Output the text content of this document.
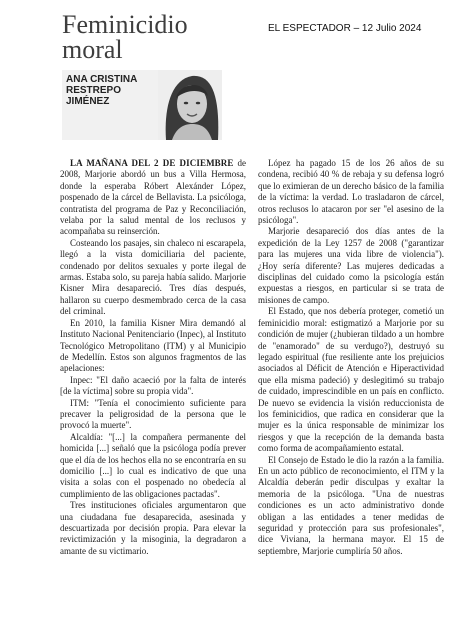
Feminicidio
moral
EL ESPECTADOR – 12 Julio 2024
ANA CRISTINA
RESTREPO
JIMÉNEZ

LA MAÑANA DEL 2 DE DICIEMBRE de 2008, Marjorie abordó un bus a Villa Hermosa, donde la esperaba Róbert Alexánder López, pospenado de la cárcel de Bellavista. La psicóloga, contratista del programa de Paz y Reconciliación, velaba por la salud mental de los reclusos y acompañaba su reinserción.

Costeando los pasajes, sin chaleco ni escarapela, llegó a la vista domiciliaria del paciente, condenado por delitos sexuales y porte ilegal de armas. Estaba solo, su pareja había salido. Marjorie Kisner Mira desapareció. Tres días después, hallaron su cuerpo desmembrado cerca de la casa del criminal.

En 2010, la familia Kisner Mira demandó al Instituto Nacional Penitenciario (Inpec), al Instituto Tecnológico Metropolitano (ITM) y al Municipio de Medellín. Estos son algunos fragmentos de las apelaciones:

Inpec: "El daño acaeció por la falta de interés [de la víctima] sobre su propia vida".

ITM: "Tenía el conocimiento suficiente para precaver la peligrosidad de la persona que le provocó la muerte".

Alcaldía: "[...] la compañera permanente del homicida [...] señaló que la psicóloga podía prever que el día de los hechos ella no se encontraría en su domicilio [...] lo cual es indicativo de que una visita a solas con el pospenado no obedecía al cumplimiento de las obligaciones pactadas".

Tres instituciones oficiales argumentaron que una ciudadana fue desaparecida, asesinada y descuartizada por decisión propia. Para elevar la revictimización y la misoginia, la degradaron a amante de su victimario.

López ha pagado 15 de los 26 años de su condena, recibió 40 % de rebaja y su defensa logró que lo eximieran de un derecho básico de la familia de la víctima: la verdad. Lo trasladaron de cárcel, otros reclusos lo atacaron por ser "el asesino de la psicóloga".

Marjorie desapareció dos días antes de la expedición de la Ley 1257 de 2008 ("garantizar para las mujeres una vida libre de violencia"). ¿Hoy sería diferente? Las mujeres dedicadas a disciplinas del cuidado como la psicología están expuestas a riesgos, en particular si se trata de misiones de campo.

El Estado, que nos debería proteger, cometió un feminicidio moral: estigmatizó a Marjorie por su condición de mujer (¿hubieran tildado a un hombre de "enamorado" de su verdugo?), destruyó su legado espiritual (fue resiliente ante los prejuicios asociados al Déficit de Atención e Hiperactividad que ella misma padeció) y deslegitimó su trabajo de cuidado, imprescindible en un país en conflicto. De nuevo se evidencia la visión reduccionista de los feminicidios, que radica en considerar que la mujer es la única responsable de minimizar los riesgos y que la recepción de la demanda basta como forma de acompañamiento estatal.

El Consejo de Estado le dio la razón a la familia. En un acto público de reconocimiento, el ITM y la Alcaldía deberán pedir disculpas y exaltar la memoria de la psicóloga. "Una de nuestras condiciones es un acto administrativo donde obligan a las entidades a tener medidas de seguridad y protección para sus profesionales", dice Viviana, la hermana mayor. El 15 de septiembre, Marjorie cumpliría 50 años.
